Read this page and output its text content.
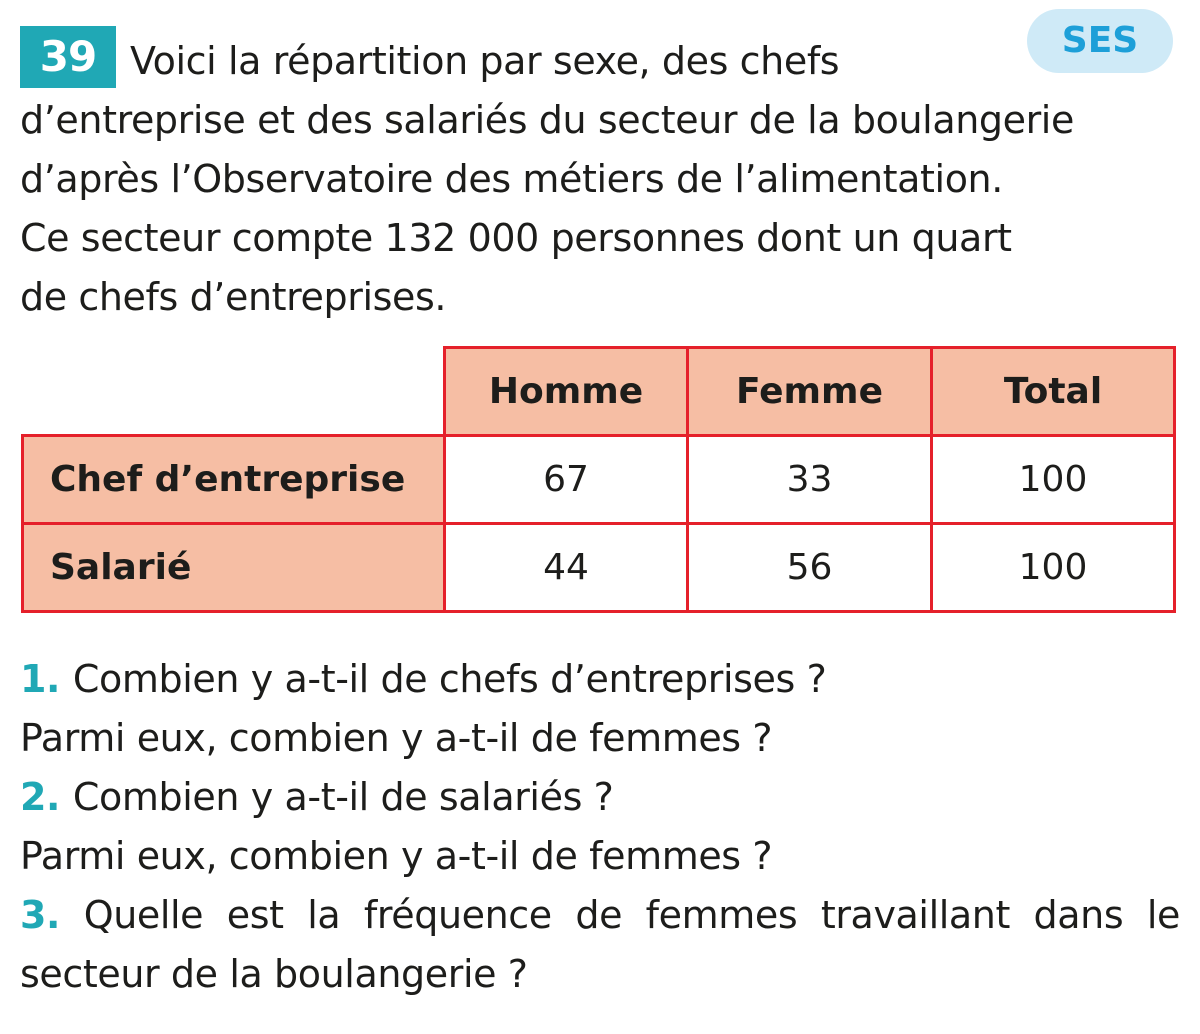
39	SES
Voici la répartition par sexe, des chefs
d’entreprise et des salariés du secteur de la boulangerie
d’après l’Observatoire des métiers de l’alimentation.
Ce secteur compte 132 000 personnes dont un quart
de chefs d’entreprises.
	Homme	Femme	Total
Chef d’entreprise	67	33	100
Salarié	44	56	100
1. Combien y a-t-il de chefs d’entreprises ?
Parmi eux, combien y a-t-il de femmes ?
2. Combien y a-t-il de salariés ?
Parmi eux, combien y a-t-il de femmes ?
3. Quelle est la fréquence de femmes travaillant dans le
secteur de la boulangerie ?
